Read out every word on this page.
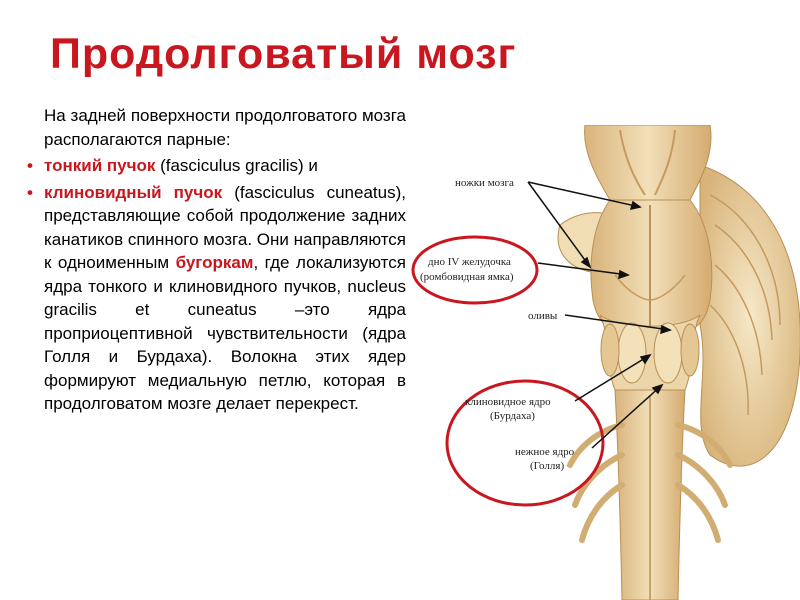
Продолговатый мозг

На задней поверхности продолговатого мозга располагаются парные:

• тонкий пучок (fasciculus gracilis) и

• клиновидный пучок (fasciculus cuneatus), представляющие собой продолжение задних канатиков спинного мозга. Они направляются к одноименным бугоркам, где локализуются ядра тонкого и клиновидного пучков, nucleus gracilis et cuneatus –это ядра проприоцептивной чувствительности (ядра Голля и Бурдаха). Волокна этих ядер формируют медиальную петлю, которая в продолговатом мозге делает перекрест.

ножки мозга
дно IV желудочка
(ромбовидная ямка)
оливы
клиновидное ядро
(Бурдаха)
нежное ядро
(Голля)
